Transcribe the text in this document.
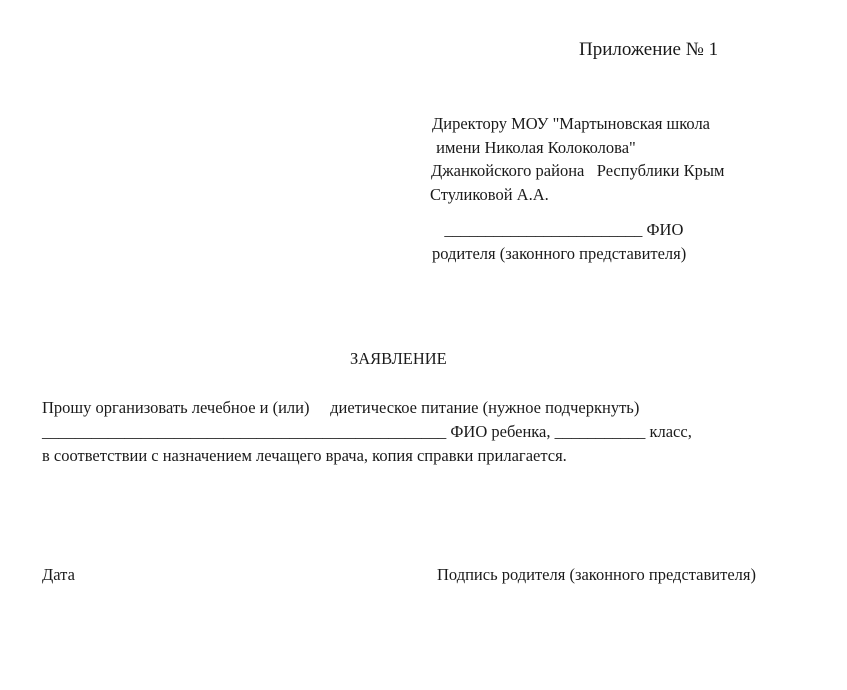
Приложение № 1
Директору МОУ "Мартыновская школа
имени Николая Колоколова"
Джанкойского района   Республики Крым
Стуликовой А.А.
________________________ ФИО
родителя (законного представителя)
ЗАЯВЛЕНИЕ
Прошу организовать лечебное и (или)     диетическое питание (нужное подчеркнуть)
_________________________________________________ ФИО ребенка, ___________ класс,
в соответствии с назначением лечащего врача, копия справки прилагается.
Дата	Подпись родителя (законного представителя)
